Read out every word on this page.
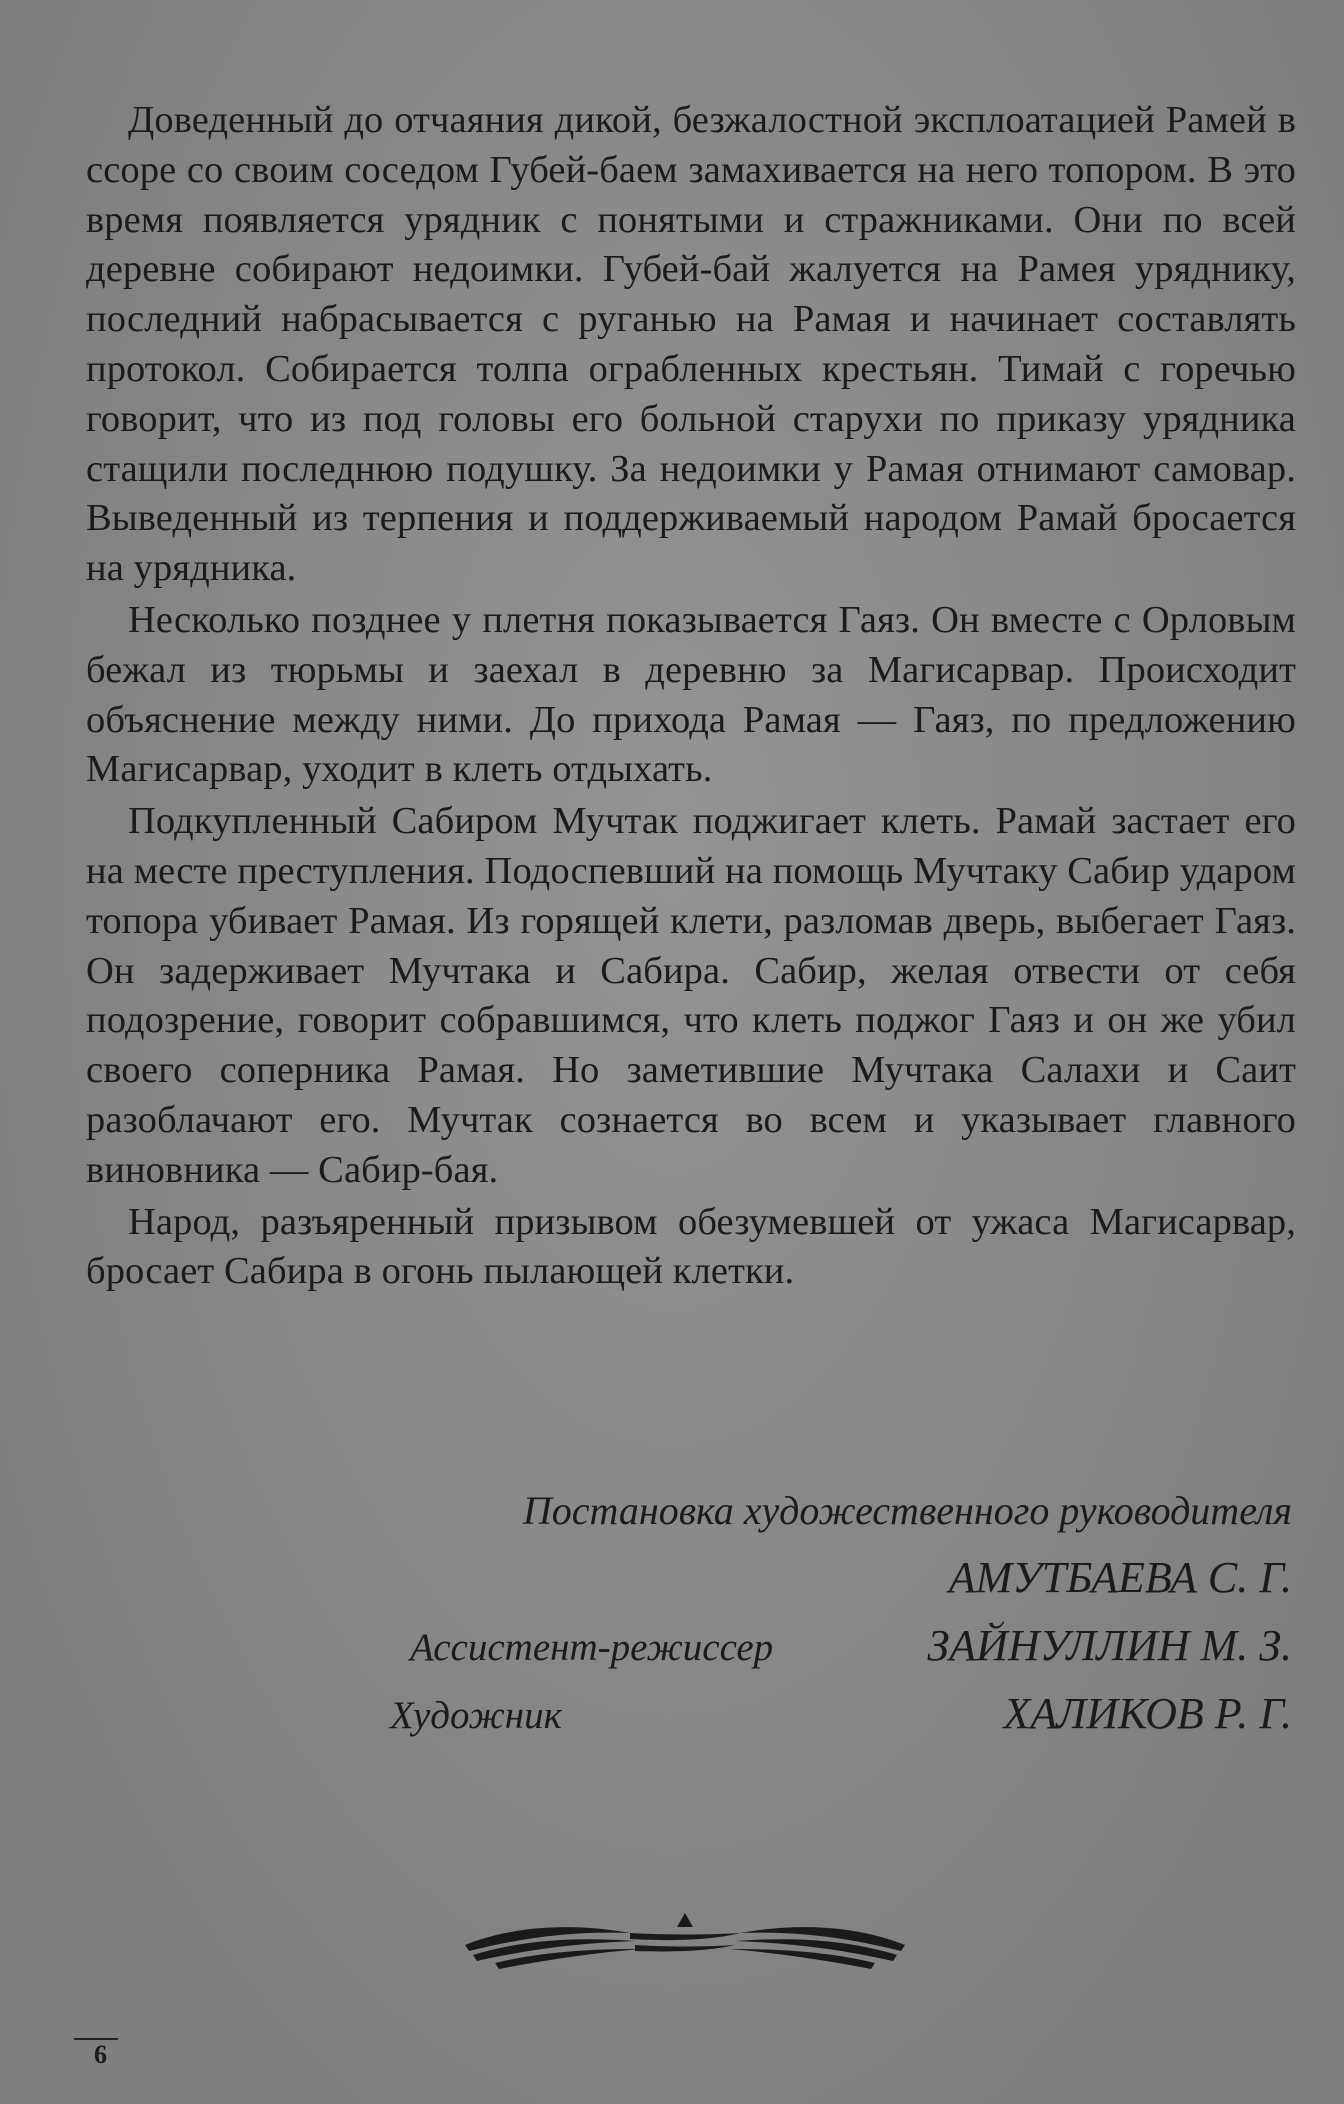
Доведенный до отчаяния дикой, безжалостной эксплоатацией Рамей в ссоре со своим соседом Губей-баем замахивается на него топором. В это время появляется урядник с понятыми и стражниками. Они по всей деревне собирают недоимки. Губей-бай жалуется на Рамея уряднику, последний набрасывается с руганью на Рамая и начинает составлять протокол. Собирается толпа ограбленных крестьян. Тимай с горечью говорит, что из под головы его больной старухи по приказу урядника стащили последнюю подушку. За недоимки у Рамая отнимают самовар. Выведенный из терпения и поддерживаемый народом Рамай бросается на урядника.

Несколько позднее у плетня показывается Гаяз. Он вместе с Орловым бежал из тюрьмы и заехал в деревню за Магисарвар. Происходит объяснение между ними. До прихода Рамая — Гаяз, по предложению Магисарвар, уходит в клеть отдыхать.

Подкупленный Сабиром Мучтак поджигает клеть. Рамай застает его на месте преступления. Подоспевший на помощь Мучтаку Сабир ударом топора убивает Рамая. Из горящей клети, разломав дверь, выбегает Гаяз. Он задерживает Мучтака и Сабира. Сабир, желая отвести от себя подозрение, говорит собравшимся, что клеть поджог Гаяз и он же убил своего соперника Рамая. Но заметившие Мучтака Салахи и Саит разоблачают его. Мучтак сознается во всем и указывает главного виновника — Сабир-бая.

Народ, разъяренный призывом обезумевшей от ужаса Магисарвар, бросает Сабира в огонь пылающей клетки.

Постановка художественного руководителя
АМУТБАЕВА С. Г.
Ассистент-режиссер	ЗАЙНУЛЛИН М. З.
Художник	ХАЛИКОВ Р. Г.
6
